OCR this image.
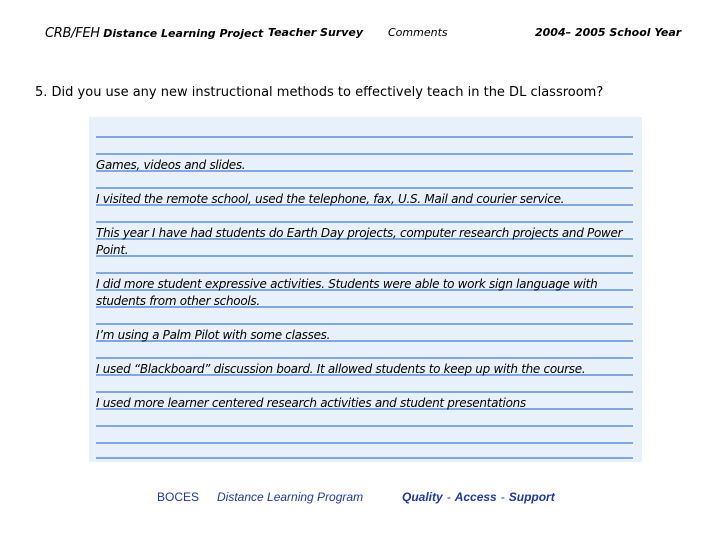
CRB/FEH Distance Learning Project Teacher Survey Comments	2004– 2005 School Year
5. Did you use any new instructional methods to effectively teach in the DL classroom?
Games, videos and slides.
I visited the remote school, used the telephone, fax, U.S. Mail and courier service.
This year I have had students do Earth Day projects, computer research projects and Power Point.
I did more student expressive activities. Students were able to work sign language with students from other schools.
I’m using a Palm Pilot with some classes.
I used “Blackboard” discussion board. It allowed students to keep up with the course.
I used more learner centered research activities and student presentations
BOCES Distance Learning Program	Quality - Access - Support
